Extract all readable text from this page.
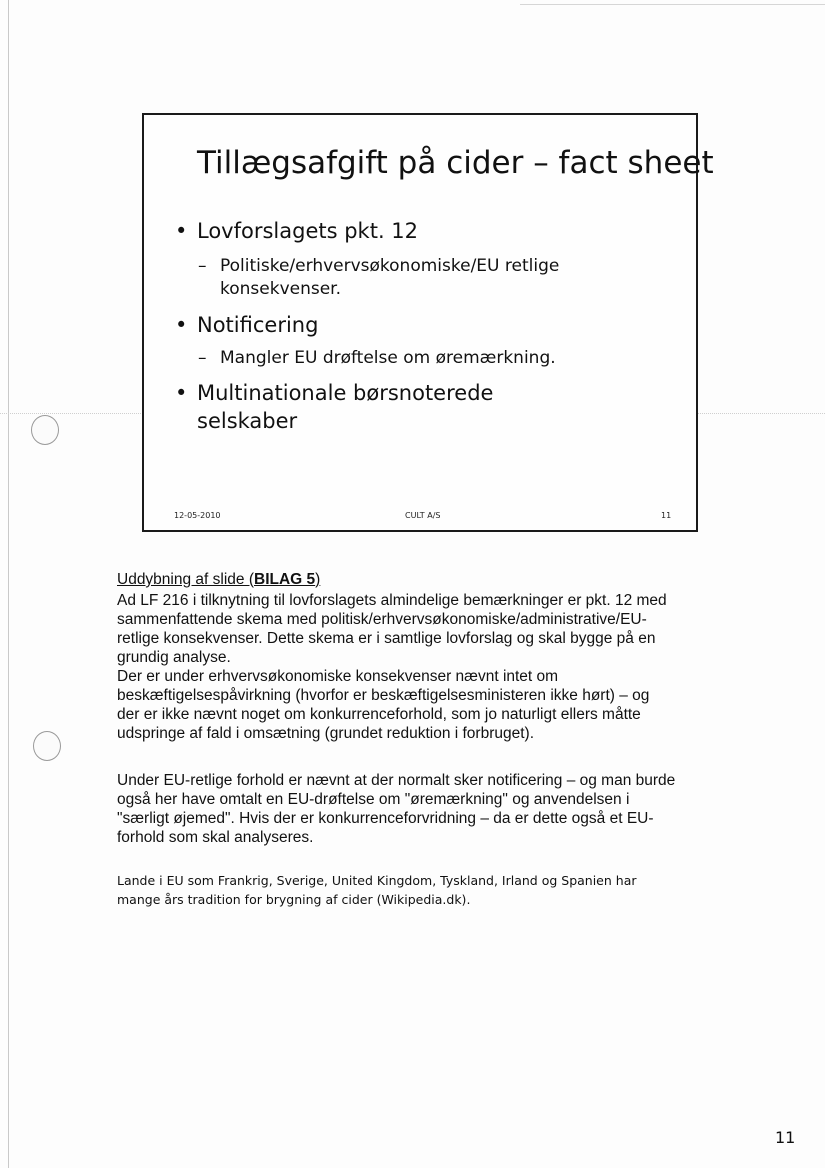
Tillægsafgift på cider – fact sheet
• Lovforslagets pkt. 12
– Politiske/erhvervsøkonomiske/EU retlige
konsekvenser.
• Notificering
– Mangler EU drøftelse om øremærkning.
• Multinationale børsnoterede
selskaber
12-05-2010	CULT A/S	11
Uddybning af slide (BILAG 5)

Ad LF 216 i tilknytning til lovforslagets almindelige bemærkninger er pkt. 12 med

sammenfattende skema med politisk/erhvervsøkonomiske/administrative/EU-

retlige konsekvenser. Dette skema er i samtlige lovforslag og skal bygge på en

grundig analyse.

Der er under erhvervsøkonomiske konsekvenser nævnt intet om

beskæftigelsespåvirkning (hvorfor er beskæftigelsesministeren ikke hørt) – og

der er ikke nævnt noget om konkurrenceforhold, som jo naturligt ellers måtte

udspringe af fald i omsætning (grundet reduktion i forbruget).

Under EU-retlige forhold er nævnt at der normalt sker notificering – og man burde

også her have omtalt en EU-drøftelse om "øremærkning" og anvendelsen i

"særligt øjemed". Hvis der er konkurrenceforvridning – da er dette også et EU-

forhold som skal analyseres.

Lande i EU som Frankrig, Sverige, United Kingdom, Tyskland, Irland og Spanien har
mange års tradition for brygning af cider (Wikipedia.dk).
11
